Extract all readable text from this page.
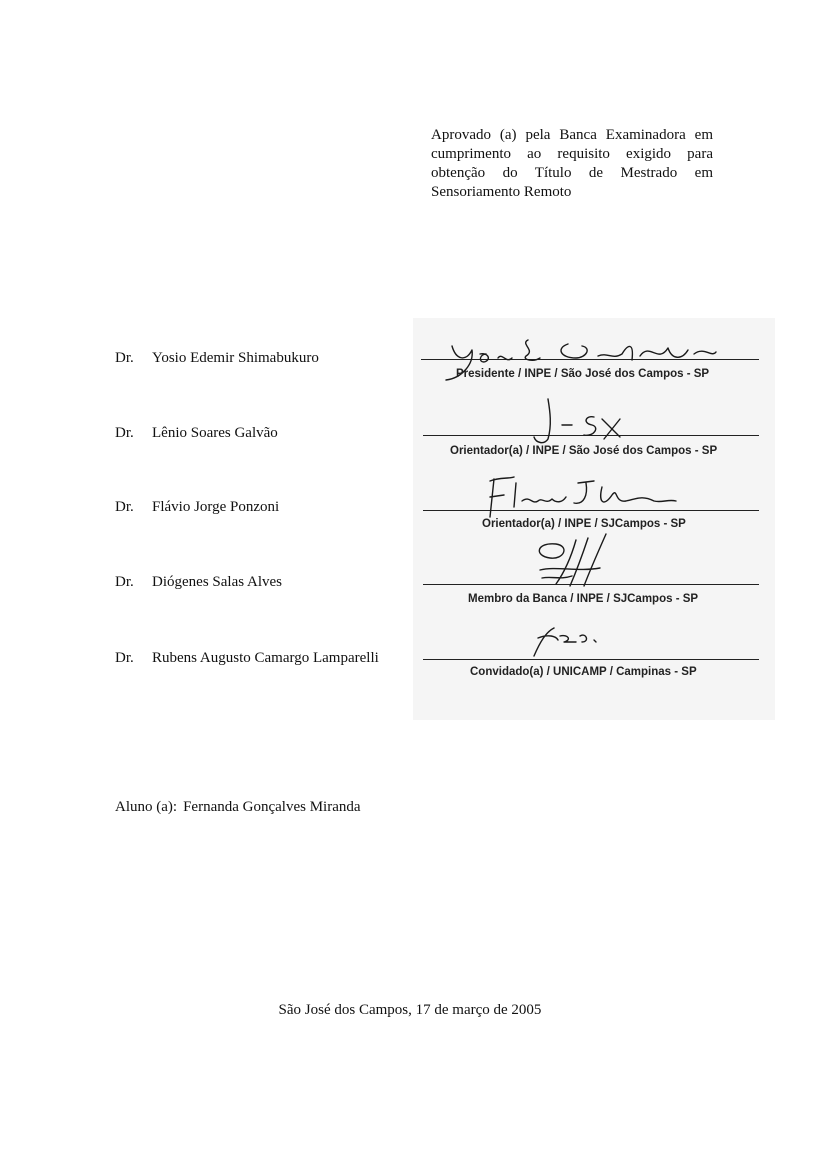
Aprovado (a) pela Banca Examinadora em cumprimento ao requisito exigido para obtenção do Título de Mestrado em Sensoriamento Remoto

Dr. Yosio Edemir Shimabukuro
Presidente / INPE / São José dos Campos - SP
Dr. Lênio Soares Galvão
Orientador(a) / INPE / São José dos Campos - SP
Dr. Flávio Jorge Ponzoni
Orientador(a) / INPE / SJCampos - SP
Dr. Diógenes Salas Alves
Membro da Banca / INPE / SJCampos - SP
Dr. Rubens Augusto Camargo Lamparelli
Convidado(a) / UNICAMP / Campinas - SP
Aluno (a): Fernanda Gonçalves Miranda
São José dos Campos, 17 de março de 2005
